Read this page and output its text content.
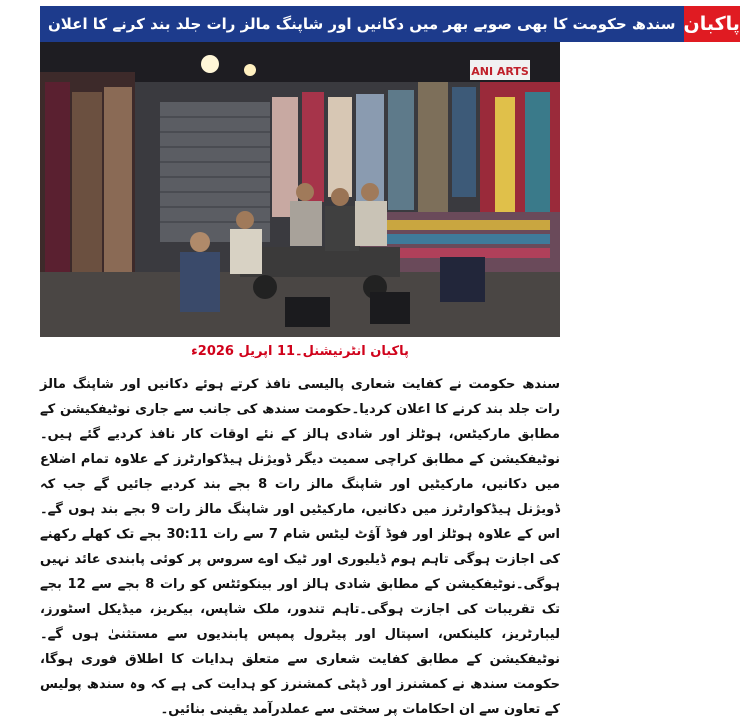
سندھ حکومت کا بھی صوبے بھر میں دکانیں اور شاپنگ مالز رات جلد بند کرنے کا اعلان پاکبان
ANI ARTS
پاکبان انٹرنیشنل۔11 اپریل 2026ء
سندھ حکومت نے کفایت شعاری پالیسی نافذ کرتے ہوئے دکانیں اور شاپنگ مالز رات جلد بند کرنے کا اعلان کردیا۔حکومت سندھ کی جانب سے جاری نوٹیفکیشن کے مطابق مارکیٹس، ہوٹلز اور شادی ہالز کے نئے اوقات کار نافذ کردیے گئے ہیں۔نوٹیفکیشن کے مطابق کراچی سمیت دیگر ڈویژنل ہیڈکوارٹرز کے علاوہ تمام اضلاع میں دکانیں، مارکیٹیں اور شاپنگ مالز رات 8 بجے بند کردیے جائیں گے جب کہ ڈویژنل ہیڈکوارٹرز میں دکانیں، مارکیٹیں اور شاپنگ مالز رات 9 بجے بند ہوں گے۔اس کے علاوہ ہوٹلز اور فوڈ آؤٹ لیٹس شام 7 سے رات 30:11 بجے تک کھلے رکھنے کی اجازت ہوگی تاہم ہوم ڈیلیوری اور ٹیک اوے سروس پر کوئی پابندی عائد نہیں ہوگی۔نوٹیفکیشن کے مطابق شادی ہالز اور بینکوئٹس کو رات 8 بجے سے 12 بجے تک تقریبات کی اجازت ہوگی۔تاہم تندور، ملک شاپس، بیکریز، میڈیکل اسٹورز، لیبارٹریز، کلینکس، اسپتال اور پیٹرول پمپس پابندیوں سے مستثنیٰ ہوں گے۔نوٹیفکیشن کے مطابق کفایت شعاری سے متعلق ہدایات کا اطلاق فوری ہوگا، حکومت سندھ نے کمشنرز اور ڈپٹی کمشنرز کو ہدایت کی ہے کہ وہ سندھ پولیس کے تعاون سے ان احکامات پر سختی سے عملدرآمد یقینی بنائیں۔
